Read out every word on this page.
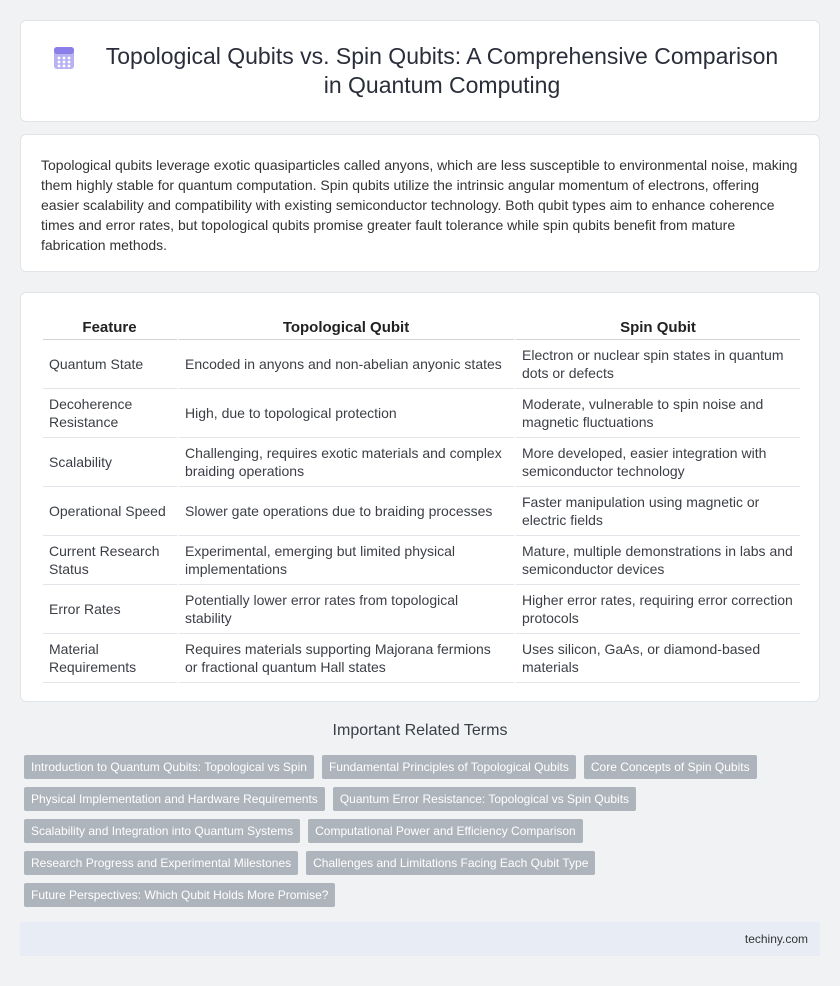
Topological Qubits vs. Spin Qubits: A Comprehensive Comparison in Quantum Computing

Topological qubits leverage exotic quasiparticles called anyons, which are less susceptible to environmental noise, making them highly stable for quantum computation. Spin qubits utilize the intrinsic angular momentum of electrons, offering easier scalability and compatibility with existing semiconductor technology. Both qubit types aim to enhance coherence times and error rates, but topological qubits promise greater fault tolerance while spin qubits benefit from mature fabrication methods.

Feature	Topological Qubit	Spin Qubit
Quantum State	Encoded in anyons and non-abelian anyonic states	Electron or nuclear spin states in quantum dots or defects
Decoherence Resistance	High, due to topological protection	Moderate, vulnerable to spin noise and magnetic fluctuations
Scalability	Challenging, requires exotic materials and complex braiding operations	More developed, easier integration with semiconductor technology
Operational Speed	Slower gate operations due to braiding processes	Faster manipulation using magnetic or electric fields
Current Research Status	Experimental, emerging but limited physical implementations	Mature, multiple demonstrations in labs and semiconductor devices
Error Rates	Potentially lower error rates from topological stability	Higher error rates, requiring error correction protocols
Material Requirements	Requires materials supporting Majorana fermions or fractional quantum Hall states	Uses silicon, GaAs, or diamond-based materials
Important Related Terms
Introduction to Quantum Qubits: Topological vs Spin	Fundamental Principles of Topological Qubits	Core Concepts of Spin Qubits
Physical Implementation and Hardware Requirements	Quantum Error Resistance: Topological vs Spin Qubits
Scalability and Integration into Quantum Systems	Computational Power and Efficiency Comparison
Research Progress and Experimental Milestones	Challenges and Limitations Facing Each Qubit Type
Future Perspectives: Which Qubit Holds More Promise?
techiny.com
